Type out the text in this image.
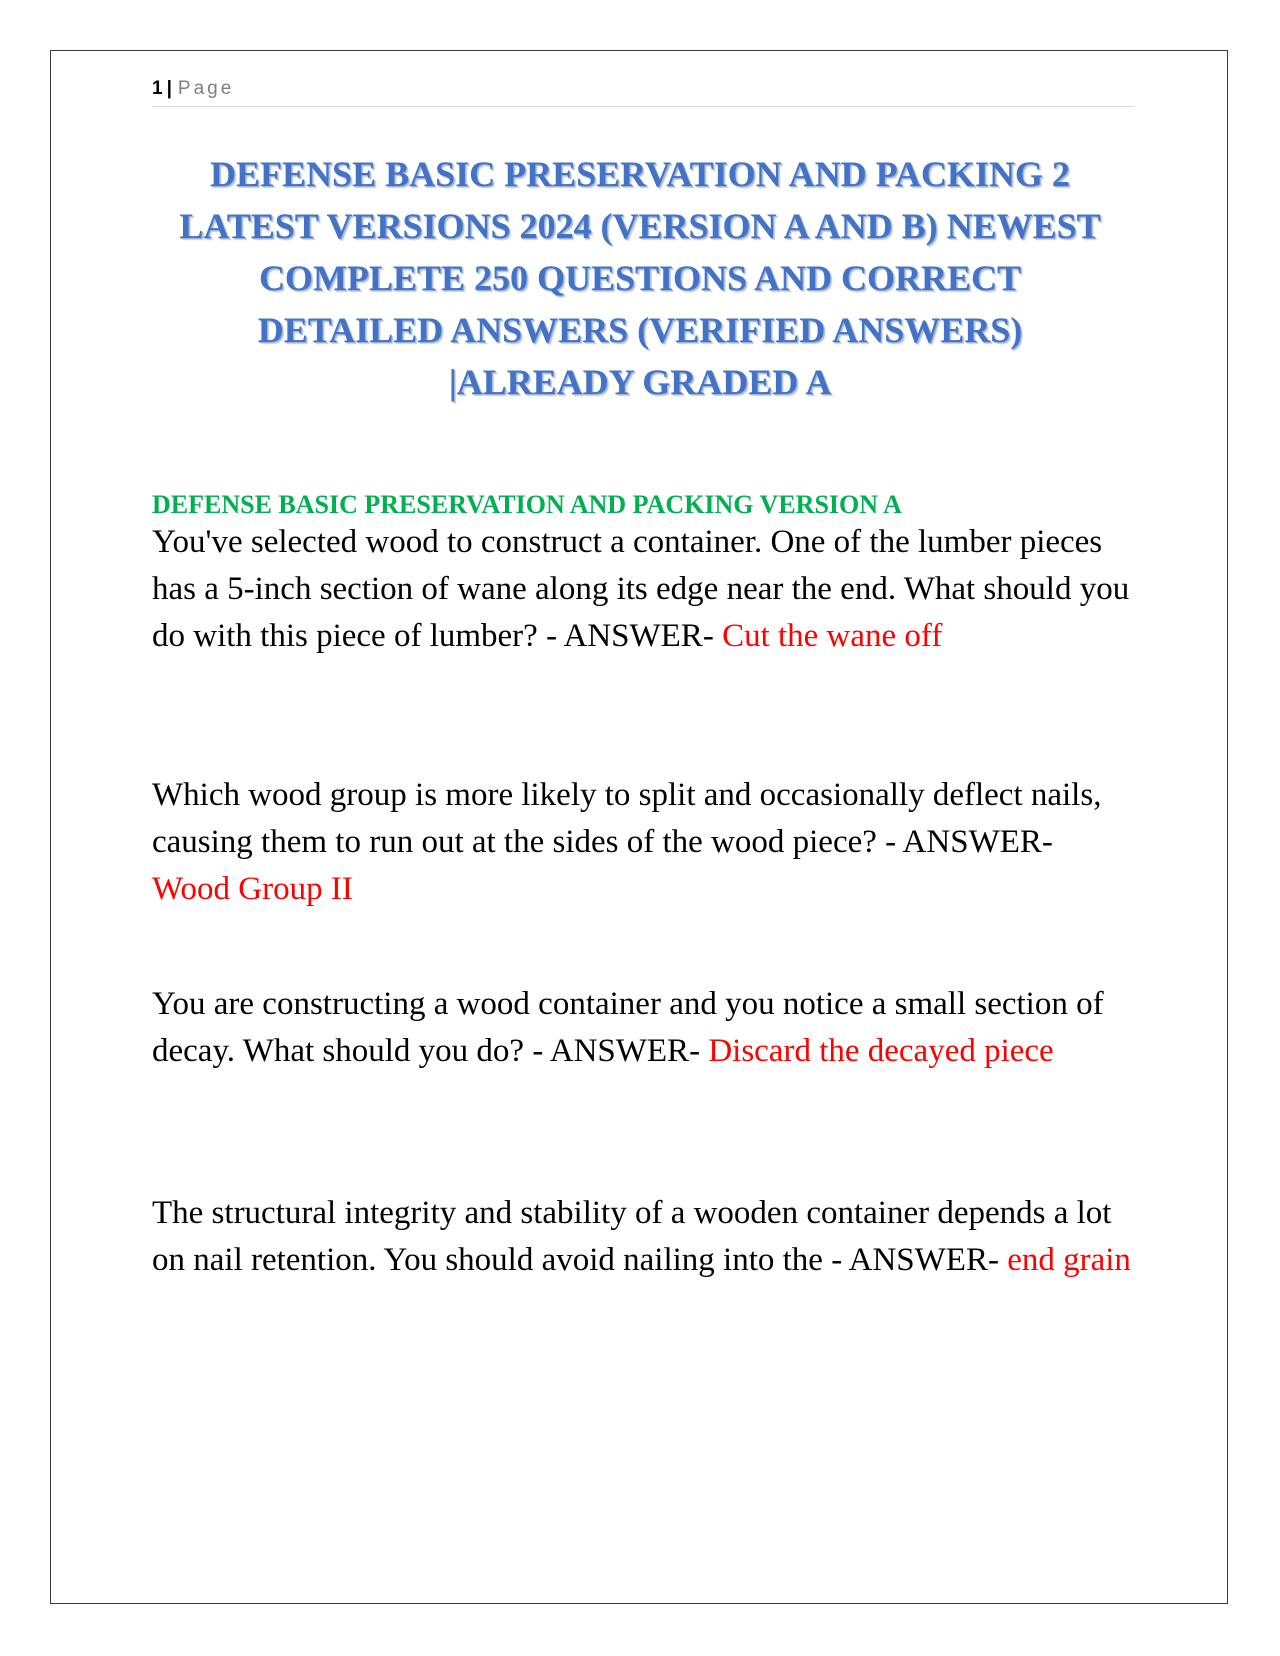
1 | Page
DEFENSE BASIC PRESERVATION AND PACKING 2
LATEST VERSIONS 2024 (VERSION A AND B) NEWEST
COMPLETE 250 QUESTIONS AND CORRECT
DETAILED ANSWERS (VERIFIED ANSWERS)
|ALREADY GRADED A
DEFENSE BASIC PRESERVATION AND PACKING VERSION A

You've selected wood to construct a container. One of the lumber pieces has a 5-inch section of wane along its edge near the end. What should you do with this piece of lumber? - ANSWER- Cut the wane off

Which wood group is more likely to split and occasionally deflect nails, causing them to run out at the sides of the wood piece? - ANSWER- Wood Group II

You are constructing a wood container and you notice a small section of decay. What should you do? - ANSWER- Discard the decayed piece

The structural integrity and stability of a wooden container depends a lot on nail retention. You should avoid nailing into the - ANSWER- end grain
